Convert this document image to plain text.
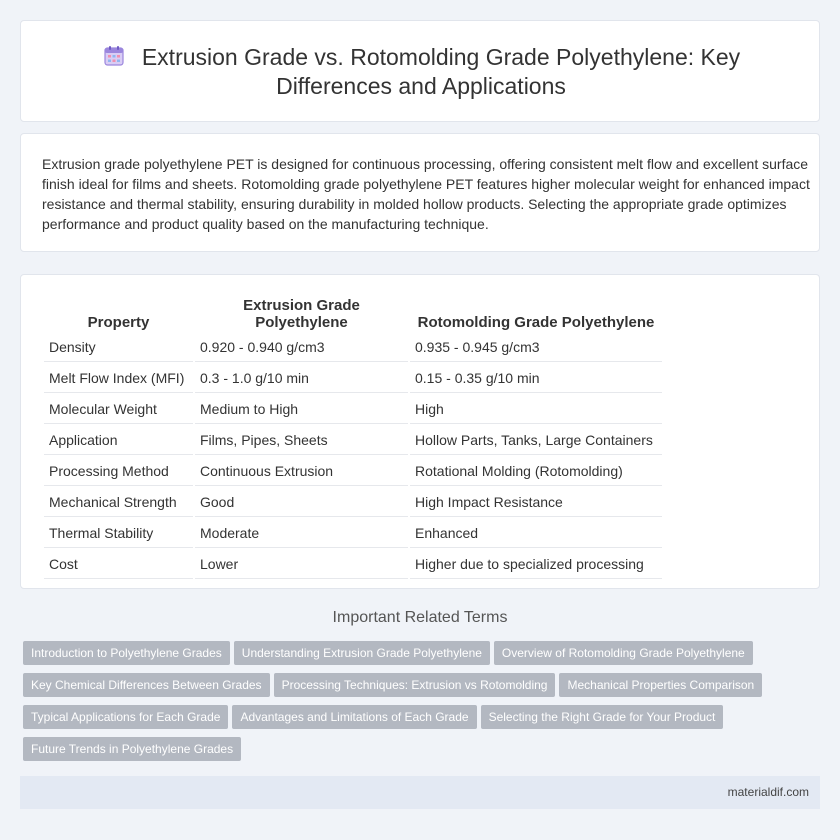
Extrusion Grade vs. Rotomolding Grade Polyethylene: Key
Differences and Applications

Extrusion grade polyethylene PET is designed for continuous processing, offering consistent melt flow and excellent surface finish ideal for films and sheets. Rotomolding grade polyethylene PET features higher molecular weight for enhanced impact resistance and thermal stability, ensuring durability in molded hollow products. Selecting the appropriate grade optimizes performance and product quality based on the manufacturing technique.

Property	Extrusion Grade Polyethylene	Rotomolding Grade Polyethylene
Density	0.920 - 0.940 g/cm3	0.935 - 0.945 g/cm3
Melt Flow Index (MFI)	0.3 - 1.0 g/10 min	0.15 - 0.35 g/10 min
Molecular Weight	Medium to High	High
Application	Films, Pipes, Sheets	Hollow Parts, Tanks, Large Containers
Processing Method	Continuous Extrusion	Rotational Molding (Rotomolding)
Mechanical Strength	Good	High Impact Resistance
Thermal Stability	Moderate	Enhanced
Cost	Lower	Higher due to specialized processing
Important Related Terms
Introduction to Polyethylene Grades Understanding Extrusion Grade Polyethylene Overview of Rotomolding Grade Polyethylene
Key Chemical Differences Between Grades Processing Techniques: Extrusion vs Rotomolding Mechanical Properties Comparison
Typical Applications for Each Grade Advantages and Limitations of Each Grade Selecting the Right Grade for Your Product
Future Trends in Polyethylene Grades
materialdif.com
